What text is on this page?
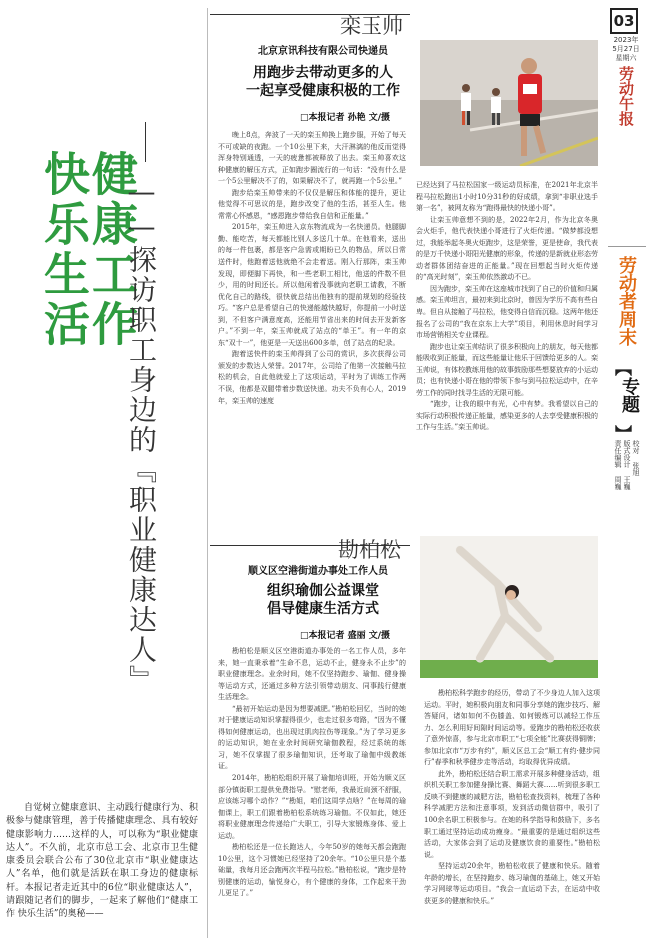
03
2023年
5月27日
星期六
劳动午报
劳动者周末
︻
专题
︼
责任编辑 周巍 版式设计 王巍 校对 张旭
健康工作
快乐生活	——探访职工身边的『职业健康达人』

自觉树立健康意识、主动践行健康行为、积极参与健康管理，善于传播健康理念、具有较好健康影响力……这样的人，可以称为“职业健康达人”。不久前，北京市总工会、北京市卫生健康委员会联合公布了30位北京市“职业健康达人”名单，他们就是活跃在职工身边的健康标杆。本报记者走近其中的6位“职业健康达人”，请跟随记者们的脚步，一起来了解他们“健康工作 快乐生活”的奥秘——

栾玉帅
北京京讯科技有限公司快递员
用跑步去带动更多的人
一起享受健康积极的工作
□本报记者 孙艳 文/摄

晚上8点，奔波了一天的栾玉帅换上跑步服，开始了每天不可或缺的夜跑。一个10公里下来，大汗淋漓的他反而觉得浑身特别通透，一天的疲惫都被释放了出去。栾玉帅喜欢这种健康的解压方式，正如跑步圈流行的一句话：“没有什么是一个5公里解决不了的，如果解决不了，就再跑一个5公里。”

跑步给栾玉帅带来的不仅仅是解压和体能的提升，更让他觉得不可思议的是，跑步改变了他的生活，甚至人生。他常常心怀感恩，“感恩跑步带给我自信和正能量。”

2015年，栾玉帅进入京东物流成为一名快递员。他腿脚勤、能吃苦，每天都能比别人多送几十单。在他看来，送出的每一件包裹，都是客户急需或期盼已久的物品，所以日常送件时，他跑着送他就绝不会走着送。刚入行那阵，栾玉帅发现，即便脚下再快，和一些老职工相比，他送的件数不但少，用的时间还长。所以他闲着没事就向老职工请教，不断优化自己的路线，很快就总结出他独有的提前规划的经验技巧。“客户总是希望自己的快递能越快越好，你提前一小时送到，不但客户满意度高，还能用节省出来的时间去开发新客户。”不到一年，栾玉帅就成了站点的“单王”。有一年的京东“双十一”，他更是一天送出600多单，创了站点的纪录。

跑着送快件的栾玉帅得到了公司的赏识，多次获得公司颁发的步数达人荣誉。2017年，公司给了他第一次接触马拉松的机会，自此他就爱上了这项运动，平时为了训练工作两不误，他都是双腿带着步数送快递。功夫不负有心人，2019年，栾玉帅的速度

已经达到了马拉松国家一级运动员标准，在2021年北京半程马拉松跑出1小时10分31秒的好成绩，拿到“非职业选手第一名”，被网友称为“跑得最快的快递小哥”。

让栾玉帅意想不到的是，2022年2月，作为北京冬奥会火炬手，他代表快递小哥进行了火炬传递。“做梦都没想过，我能举起冬奥火炬跑步，这是荣誉，更是使命，我代表的是万千快递小哥阳光健康的形象，传递的是新就业形态劳动者群体团结奋进的正能量。”现在回想起当时火炬传递的“高光时刻”，栾玉帅依然激动不已。

因为跑步，栾玉帅在这座城市找到了自己的价值和归属感。栾玉帅坦言，最初来到北京时，曾因为学历不高有些自卑。但自从接触了马拉松，他变得自信而沉稳。这两年他还报名了公司的“我在京东上大学”项目，利用休息时间学习市场营销相关专业课程。

跑步也让栾玉帅结识了很多积极向上的朋友，每天他都能吸收到正能量，而这些能量让他乐于回馈给更多的人。栾玉帅说，有体校教练用他的故事鼓励那些想要放弃的小运动员；也有快递小哥在他的带领下参与到马拉松运动中，在辛劳工作的同时找寻生活的无限可能。

“跑步，让我的眼中有光，心中有梦。我希望以自己的实际行动积极传递正能量，感染更多的人去享受健康积极的工作与生活。”栾玉帅说。

勘柏松
顺义区空港街道办事处工作人员
组织瑜伽公益课堂
倡导健康生活方式
□本报记者 盛丽 文/摄

勘柏松是顺义区空港街道办事处的一名工作人员，多年来，她一直秉承着“生命不息，运动不止，健身永不止步”的职业健康理念。业余时间，她不仅坚持跑步、瑜伽、健身操等运动方式，还通过多种方法引领带动朋友、同事践行健康生活理念。

“最初开始运动是因为想要减肥。”勘柏松回忆，当时的她对于健康运动知识掌握得很少，也走过很多弯路，“因为不懂得如何健康运动，也出现过肌肉拉伤等现象。”为了学习更多的运动知识，她在业余时间研究瑜伽教程，经过系统的练习，她不仅掌握了很多瑜伽知识，还考取了瑜伽中级教练证。

2014年，勘柏松组织开展了瑜伽培训班，开始为顺义区部分镇街职工提供免费指导。“慰老师，我最近肩颈不舒服，应该练习哪个动作？”“勘姐，咱们这周学点啥？”在每周的瑜伽课上，职工们跟着勘柏松系统练习瑜伽。不仅如此，她还将职业健康理念传递给广大职工，引导大家锻炼身体、爱上运动。

勘柏松还是一位长跑达人，今年50岁的她每天都会跑跑10公里，这个习惯她已经坚持了20余年。“10公里只是个基础量，我每月还会跑两次半程马拉松。”勘柏松说，“跑步是特别健康的运动，愉悦身心，有个健康的身体，工作起来干劲儿更足了。”

勘柏松科学跑步的经历，带动了不少身边人加入这项运动。平时，她积极向朋友和同事分享她的跑步技巧、解答疑问，诸如如何不伤膝盖、如何锻炼可以减轻工作压力、怎么利用好间隙时间运动等。爱跑步的勘柏松还收获了意外惊喜，参与北京市职工“七项全能”比赛获得铜牌；参加北京市“万步有约”，顺义区总工会“顺工有约·健步同行”春季和秋季健步走等活动，均取得优异成绩。

此外，勘柏松还结合职工需求开展多种健身活动，组织机关职工参加健身操比赛、舞蹈大赛……听到很多职工反映不到健康的减肥方法，勘柏松查找资料，梳理了各种科学减肥方法和注意事项，发到活动微信群中，吸引了100余名职工积极参与。在她的科学指导和鼓励下，多名职工通过坚持运动成功瘦身。“最重要的是通过组织这些活动，大家体会到了运动及健康饮食的重要性。”勘柏松说。

坚持运动20余年，勘柏松收获了健康和快乐。随着年龄的增长，在坚持跑步、练习瑜伽的基础上，她又开始学习网球等运动项目。“我会一直运动下去，在运动中收获更多的健康和快乐。”
